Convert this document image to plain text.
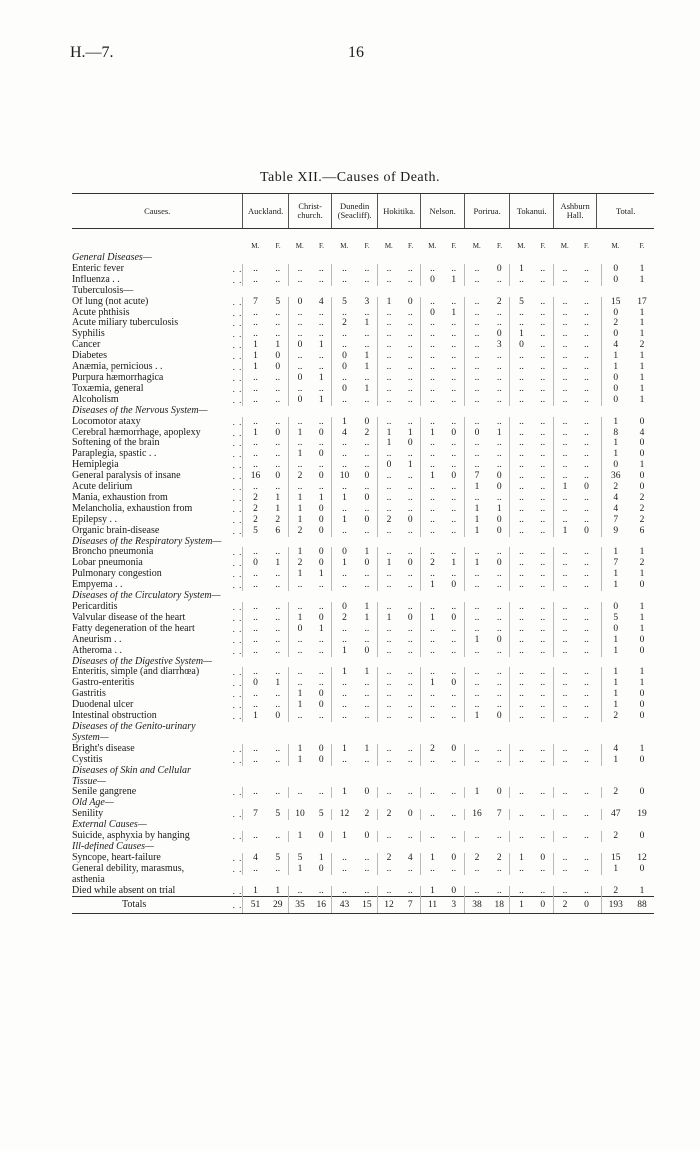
H.—7.	16
Table XII.—Causes of Death.
Causes.		Auckland.		Christ-church.		Dunedin (Seacliff).		Hokitika.		Nelson.		Porirua.		Tokanui.		Ashburn Hall.		Total.		
		M.	F.	M.	F.	M.	F.	M.	F.	M.	F.	M.	F.	M.	F.	M.	F.		M.	F.
General Diseases—																				
Enteric fever	. .	..	..	..	..	..	..	..	..	..	..	..	0	1	..	..	..		0	1
Influenza . .	. .	..	..	..	..	..	..	..	..	0	1	..	..	..	..	..	..		0	1
Tuberculosis—																				
Of lung (not acute)	. .	7	5	0	4	5	3	1	0	..	..	..	2	5	..	..	..		15	17
Acute phthisis	. .	..	..	..	..	..	..	..	..	0	1	..	..	..	..	..	..		0	1
Acute miliary tuberculosis	. .	..	..	..	..	2	1	..	..	..	..	..	..	..	..	..	..		2	1
Syphilis	. .	..	..	..	..	..	..	..	..	..	..	..	0	1	..	..	..		0	1
Cancer	. .	1	1	0	1	..	..	..	..	..	..	..	3	0	..	..	..		4	2
Diabetes	. .	1	0	..	..	0	1	..	..	..	..	..	..	..	..	..	..		1	1
Anæmia, pernicious . .	. .	1	0	..	..	0	1	..	..	..	..	..	..	..	..	..	..		1	1
Purpura hæmorrhagica	. .	..	..	0	1	..	..	..	..	..	..	..	..	..	..	..	..		0	1
Toxæmia, general	. .	..	..	..	..	0	1	..	..	..	..	..	..	..	..	..	..		0	1
Alcoholism	. .	..	..	0	1	..	..	..	..	..	..	..	..	..	..	..	..		0	1
Diseases of the Nervous System—																				
Locomotor ataxy	. .	..	..	..	..	1	0	..	..	..	..	..	..	..	..	..	..		1	0
Cerebral hæmorrhage, apoplexy	. .	1	0	1	0	4	2	1	1	1	0	0	1	..	..	..	..		8	4
Softening of the brain	. .	..	..	..	..	..	..	1	0	..	..	..	..	..	..	..	..		1	0
Paraplegia, spastic . .	. .	..	..	1	0	..	..	..	..	..	..	..	..	..	..	..	..		1	0
Hemiplegia	. .	..	..	..	..	..	..	0	1	..	..	..	..	..	..	..	..		0	1
General paralysis of insane	. .	16	0	2	0	10	0	..	..	1	0	7	0	..	..	..	..		36	0
Acute delirium	. .	..	..	..	..	..	..	..	..	..	..	1	0	..	..	1	0		2	0
Mania, exhaustion from	. .	2	1	1	1	1	0	..	..	..	..	..	..	..	..	..	..		4	2
Melancholia, exhaustion from	. .	2	1	1	0	..	..	..	..	..	..	1	1	..	..	..	..		4	2
Epilepsy . .	. .	2	2	1	0	1	0	2	0	..	..	1	0	..	..	..	..		7	2
Organic brain-disease	. .	5	6	2	0	..	..	..	..	..	..	1	0	..	..	1	0		9	6
Diseases of the Respiratory System—																				
Broncho pneumonia	. .	..	..	1	0	0	1	..	..	..	..	..	..	..	..	..	..		1	1
Lobar pneumonia	. .	0	1	2	0	1	0	1	0	2	1	1	0	..	..	..	..		7	2
Pulmonary congestion	. .	..	..	1	1	..	..	..	..	..	..	..	..	..	..	..	..		1	1
Empyema . .	. .	..	..	..	..	..	..	..	..	1	0	..	..	..	..	..	..		1	0
Diseases of the Circulatory System—																				
Pericarditis	. .	..	..	..	..	0	1	..	..	..	..	..	..	..	..	..	..		0	1
Valvular disease of the heart	. .	..	..	1	0	2	1	1	0	1	0	..	..	..	..	..	..		5	1
Fatty degeneration of the heart	. .	..	..	0	1	..	..	..	..	..	..	..	..	..	..	..	..		0	1
Aneurism . .	. .	..	..	..	..	..	..	..	..	..	..	1	0	..	..	..	..		1	0
Atheroma . .	. .	..	..	..	..	1	0	..	..	..	..	..	..	..	..	..	..		1	0
Diseases of the Digestive System—																				
Enteritis, simple (and diarrhœa)	. .	..	..	..	..	1	1	..	..	..	..	..	..	..	..	..	..		1	1
Gastro-enteritis	. .	0	1	..	..	..	..	..	..	1	0	..	..	..	..	..	..		1	1
Gastritis	. .	..	..	1	0	..	..	..	..	..	..	..	..	..	..	..	..		1	0
Duodenal ulcer	. .	..	..	1	0	..	..	..	..	..	..	..	..	..	..	..	..		1	0
Intestinal obstruction	. .	1	0	..	..	..	..	..	..	..	..	1	0	..	..	..	..		2	0
Diseases of the Genito-urinary																				
System—																				
Bright's disease	. .	..	..	1	0	1	1	..	..	2	0	..	..	..	..	..	..		4	1
Cystitis	. .	..	..	1	0	..	..	..	..	..	..	..	..	..	..	..	..		1	0
Diseases of Skin and Cellular																				
Tissue—																				
Senile gangrene	. .	..	..	..	..	1	0	..	..	..	..	1	0	..	..	..	..		2	0
Old Age—																				
Senility	. .	7	5	10	5	12	2	2	0	..	..	16	7	..	..	..	..		47	19
External Causes—																				
Suicide, asphyxia by hanging	. .	..	..	1	0	1	0	..	..	..	..	..	..	..	..	..	..		2	0
Ill-defined Causes—																				
Syncope, heart-failure	. .	4	5	5	1	..	..	2	4	1	0	2	2	1	0	..	..		15	12
General debility, marasmus,	. .	..	..	1	0	..	..	..	..	..	..	..	..	..	..	..	..		1	0
asthenia																				
Died while absent on trial	. .	1	1	..	..	..	..	..	..	1	0	..	..	..	..	..	..		2	1
Totals	. .	51	29	35	16	43	15	12	7	11	3	38	18	1	0	2	0		193	88
